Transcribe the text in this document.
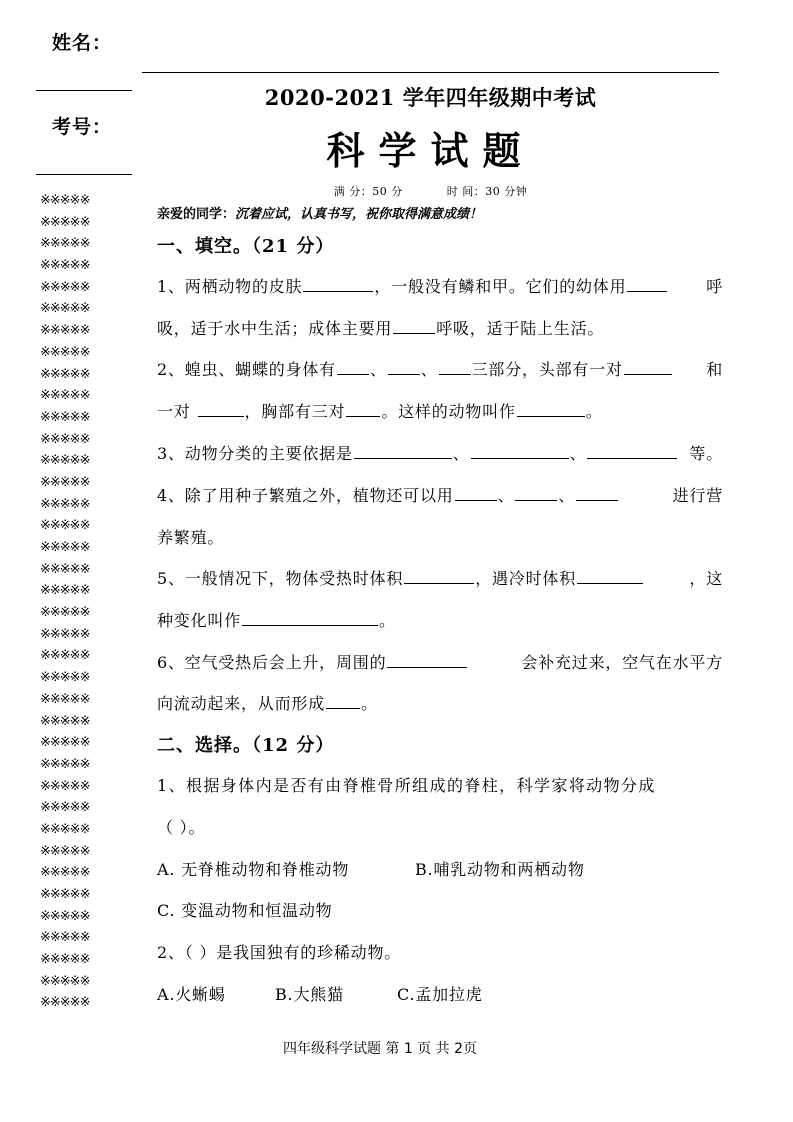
姓名：
考号：
※※※※※
※※※※※
※※※※※
※※※※※
※※※※※
※※※※※
※※※※※
※※※※※
※※※※※
※※※※※
※※※※※
※※※※※
※※※※※
※※※※※
※※※※※
※※※※※
※※※※※
※※※※※
※※※※※
※※※※※
※※※※※
※※※※※
※※※※※
※※※※※
※※※※※
※※※※※
※※※※※
※※※※※
※※※※※
※※※※※
※※※※※
※※※※※
※※※※※
※※※※※
※※※※※
※※※※※
※※※※※
※※※※※
2020-2021 学年四年级期中考试
科学试题
满 分：50 分	时 间：30 分钟
亲爱的同学：沉着应试，认真书写，祝你取得满意成绩！
一、填空。（21 分）
1、两栖动物的皮肤	，一般没有鳞和甲。它们的幼体用	呼
吸，适于水中生活；成体主要用	呼吸，适于陆上生活。
2、蝗虫、蝴蝶的身体有 、 、 三部分，头部有一对	和
一对	，胸部有三对 。这样的动物叫作	。
3、动物分类的主要依据是	、	、	等。
4、除了用种子繁殖之外，植物还可以用	、	、	进行营
养繁殖。
5、一般情况下，物体受热时体积	，遇冷时体积	，这
种变化叫作	。
6、空气受热后会上升，周围的	会补充过来，空气在水平方
向流动起来，从而形成 。
二、选择。（12 分）
1、根据身体内是否有由脊椎骨所组成的脊柱，科学家将动物分成
（ ）。
A. 无脊椎动物和脊椎动物	B.哺乳动物和两栖动物
C. 变温动物和恒温动物
2、（ ）是我国独有的珍稀动物。
A.火蜥蜴	B.大熊猫	C.孟加拉虎
四年级科学试题 第 1 页 共 2页
